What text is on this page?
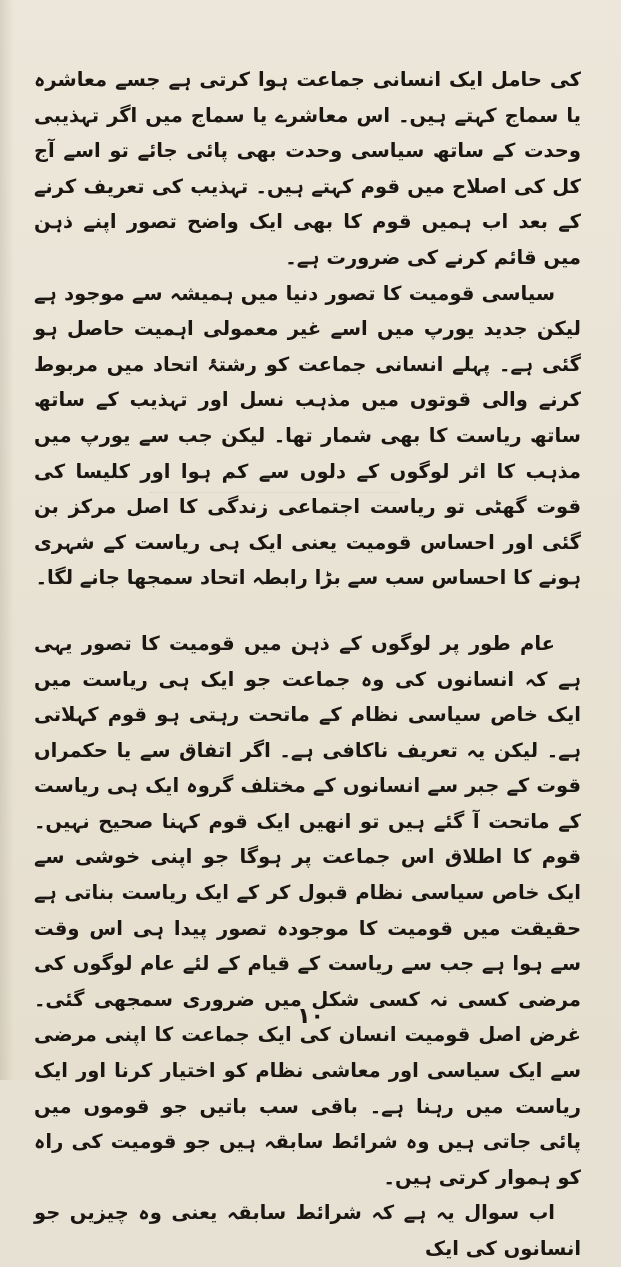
کی حامل ایک انسانی جماعت ہوا کرتی ہے جسے معاشرہ یا سماج کہتے ہیں۔ اس معاشرے یا سماج میں اگر تہذیبی وحدت کے ساتھ سیاسی وحدت بھی پائی جائے تو اسے آج کل کی اصلاح میں قوم کہتے ہیں۔ تہذیب کی تعریف کرنے کے بعد اب ہمیں قوم کا بھی ایک واضح تصور اپنے ذہن میں قائم کرنے کی ضرورت ہے۔

سیاسی قومیت کا تصور دنیا میں ہمیشہ سے موجود ہے لیکن جدید یورپ میں اسے غیر معمولی اہمیت حاصل ہو گئی ہے۔ پہلے انسانی جماعت کو رشتۂ اتحاد میں مربوط کرنے والی قوتوں میں مذہب نسل اور تہذیب کے ساتھ ساتھ ریاست کا بھی شمار تھا۔ لیکن جب سے یورپ میں مذہب کا اثر لوگوں کے دلوں سے کم ہوا اور کلیسا کی قوت گھٹی تو ریاست اجتماعی زندگی کا اصل مرکز بن گئی اور احساس قومیت یعنی ایک ہی ریاست کے شہری ہونے کا احساس سب سے بڑا رابطہ اتحاد سمجھا جانے لگا۔

عام طور پر لوگوں کے ذہن میں قومیت کا تصور یہی ہے کہ انسانوں کی وہ جماعت جو ایک ہی ریاست میں ایک خاص سیاسی نظام کے ماتحت رہتی ہو قوم کہلاتی ہے۔ لیکن یہ تعریف ناکافی ہے۔ اگر اتفاق سے یا حکمراں قوت کے جبر سے انسانوں کے مختلف گروہ ایک ہی ریاست کے ماتحت آ گئے ہیں تو انھیں ایک قوم کہنا صحیح نہیں۔ قوم کا اطلاق اس جماعت پر ہوگا جو اپنی خوشی سے ایک خاص سیاسی نظام قبول کر کے ایک ریاست بناتی ہے حقیقت میں قومیت کا موجودہ تصور پیدا ہی اس وقت سے ہوا ہے جب سے ریاست کے قیام کے لئے عام لوگوں کی مرضی کسی نہ کسی شکل میں ضروری سمجھی گئی۔ غرض اصل قومیت انسان کی ایک جماعت کا اپنی مرضی سے ایک سیاسی اور معاشی نظام کو اختیار کرنا اور ایک ریاست میں رہنا ہے۔ باقی سب باتیں جو قوموں میں پائی جاتی ہیں وہ شرائط سابقہ ہیں جو قومیت کی راہ کو ہموار کرتی ہیں۔

اب سوال یہ ہے کہ شرائط سابقہ یعنی وہ چیزیں جو انسانوں کی ایک

۱۰
